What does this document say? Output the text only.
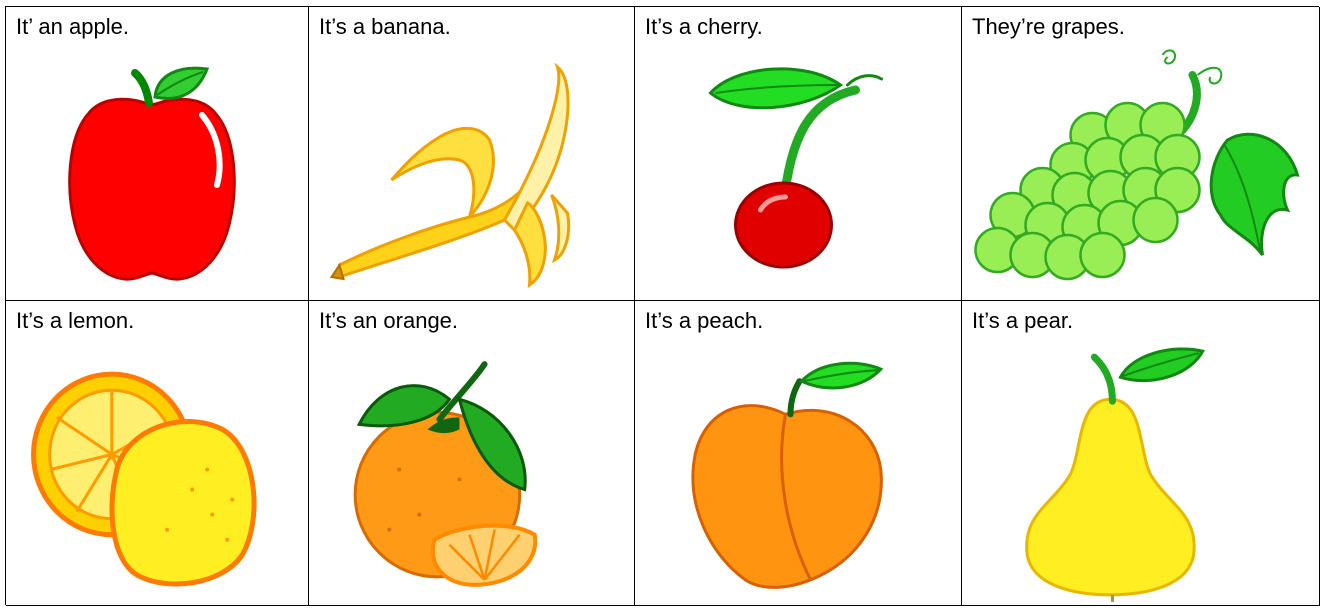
It’ an apple.	It’s a banana.	It’s a cherry.	They’re grapes.
It’s a lemon.	It’s an orange.	It’s a peach.	It’s a pear.
